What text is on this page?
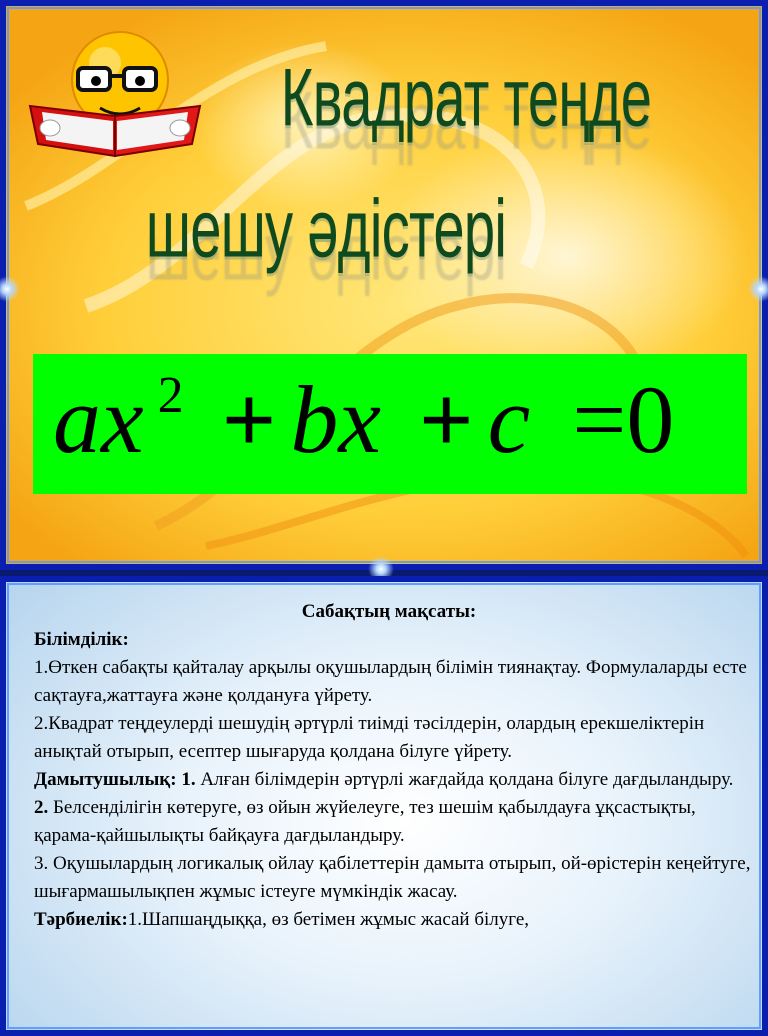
Квадрат теңде
шешу әдістері
ax $^2$ + bx + c =0

Сабақтың мақсаты:

Білімділік:

1.Өткен сабақты қайталау арқылы оқушылардың білімін тиянақтау. Формулаларды есте сақтауға,жаттауға және қолдануға үйрету.

2.Квадрат теңдеулерді шешудің әртүрлі тиімді тәсілдерін, олардың ерекшеліктерін анықтай отырып, есептер шығаруда қолдана білуге үйрету.

Дамытушылық: 1. Алған білімдерін әртүрлі жағдайда қолдана білуге дағдыландыру.

2. Белсенділігін көтеруге, өз ойын жүйелеуге, тез шешім қабылдауға ұқсастықты, қарама-қайшылықты байқауға дағдыландыру.

3. Оқушылардың логикалық ойлау қабілеттерін дамыта отырып, ой-өрістерін кеңейтуге, шығармашылықпен жұмыс істеуге мүмкіндік жасау.

Тәрбиелік:1.Шапшаңдыққа, өз бетімен жұмыс жасай білуге,
